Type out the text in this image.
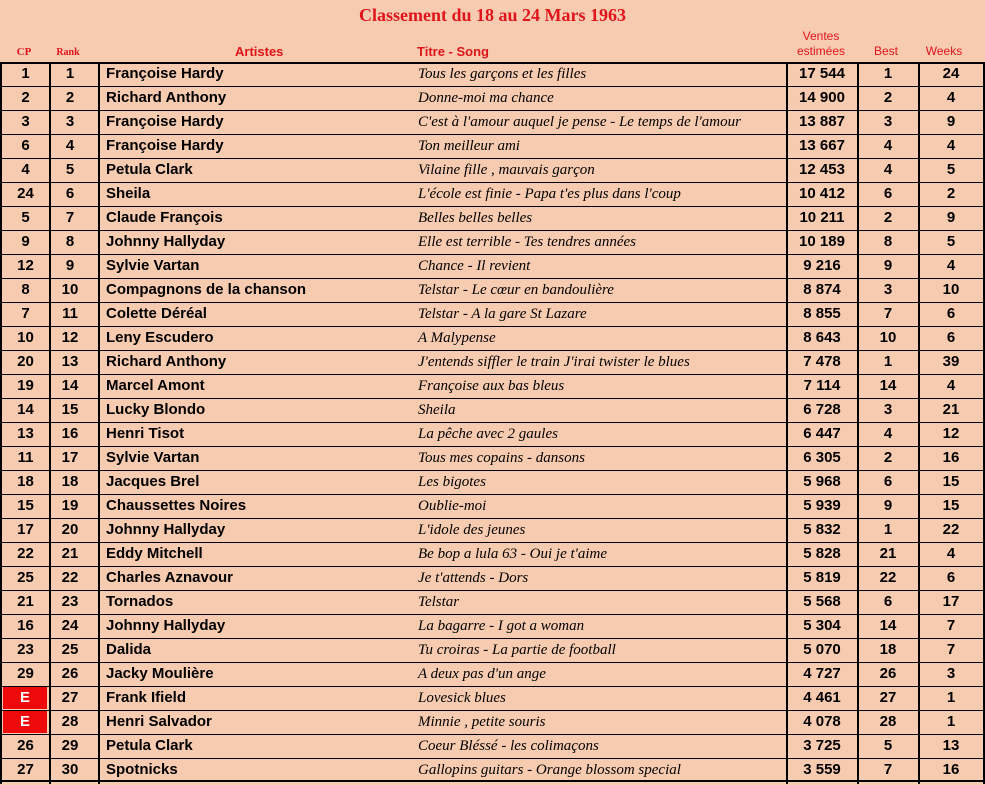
Classement du 18 au 24 Mars 1963
CP	Rank	Artistes	Titre - Song
Ventes estimées	Best	Weeks
1	1	Françoise Hardy	Tous les garçons et les filles	17 544	1	24
2	2	Richard Anthony	Donne-moi ma chance	14 900	2	4
3	3	Françoise Hardy	C'est à l'amour auquel je pense - Le temps de l'amour	13 887	3	9
6	4	Françoise Hardy	Ton meilleur ami	13 667	4	4
4	5	Petula Clark	Vilaine fille , mauvais garçon	12 453	4	5
24	6	Sheila	L'école est finie - Papa t'es plus dans l'coup	10 412	6	2
5	7	Claude François	Belles belles belles	10 211	2	9
9	8	Johnny Hallyday	Elle est terrible - Tes tendres années	10 189	8	5
12	9	Sylvie Vartan	Chance - Il revient	9 216	9	4
8	10	Compagnons de la chanson	Telstar - Le cœur en bandoulière	8 874	3	10
7	11	Colette Déréal	Telstar - A la gare St Lazare	8 855	7	6
10	12	Leny Escudero	A Malypense	8 643	10	6
20	13	Richard Anthony	J'entends siffler le train J'irai twister le blues	7 478	1	39
19	14	Marcel Amont	Françoise aux bas bleus	7 114	14	4
14	15	Lucky Blondo	Sheila	6 728	3	21
13	16	Henri Tisot	La pêche avec 2 gaules	6 447	4	12
11	17	Sylvie Vartan	Tous mes copains - dansons	6 305	2	16
18	18	Jacques Brel	Les bigotes	5 968	6	15
15	19	Chaussettes Noires	Oublie-moi	5 939	9	15
17	20	Johnny Hallyday	L'idole des jeunes	5 832	1	22
22	21	Eddy Mitchell	Be bop a lula 63 - Oui je t'aime	5 828	21	4
25	22	Charles Aznavour	Je t'attends - Dors	5 819	22	6
21	23	Tornados	Telstar	5 568	6	17
16	24	Johnny Hallyday	La bagarre - I got a woman	5 304	14	7
23	25	Dalida	Tu croiras - La partie de football	5 070	18	7
29	26	Jacky Moulière	A deux pas d'un ange	4 727	26	3
E	27	Frank Ifield	Lovesick blues	4 461	27	1
E	28	Henri Salvador	Minnie , petite souris	4 078	28	1
26	29	Petula Clark	Coeur Bléssé - les colimaçons	3 725	5	13
27	30	Spotnicks	Gallopins guitars - Orange blossom special	3 559	7	16
